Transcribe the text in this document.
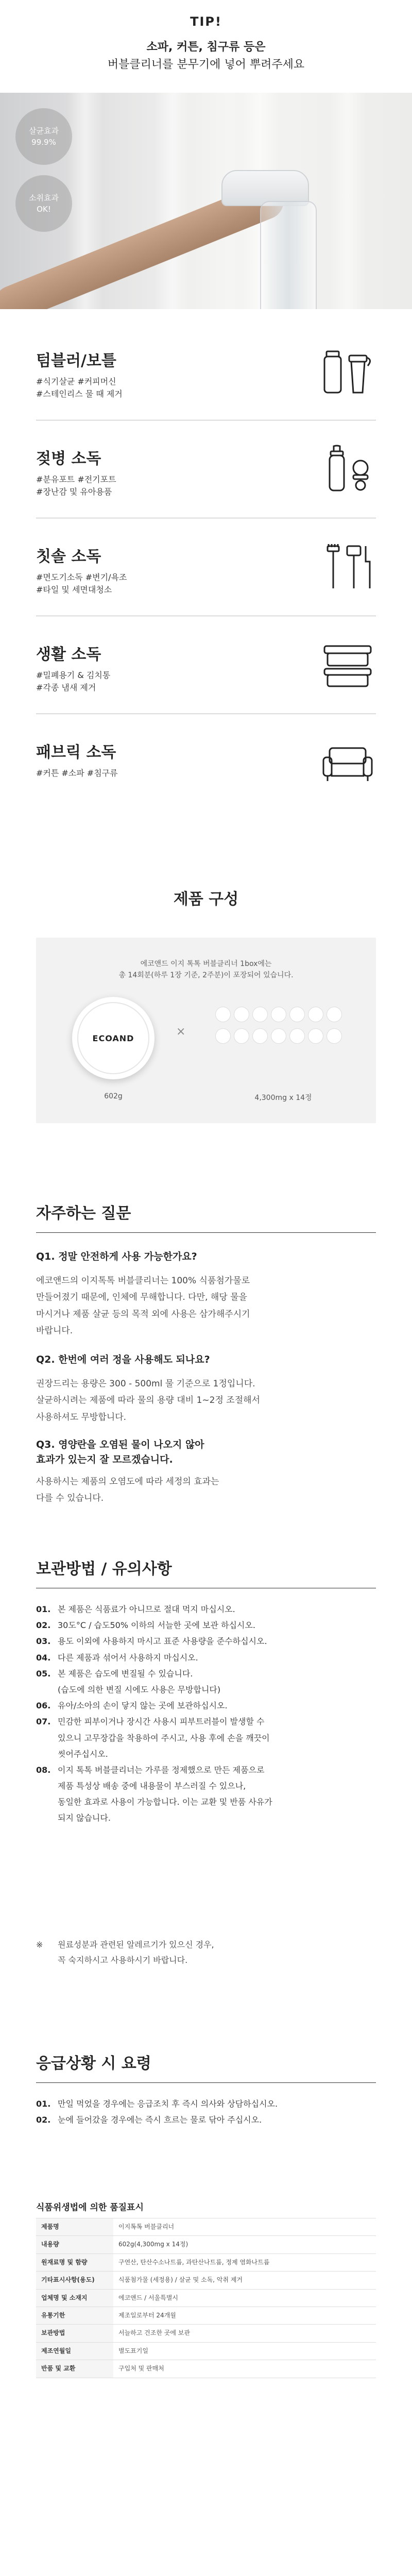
TIP!
소파, 커튼, 침구류 등은
버블클리너를 분무기에 넣어 뿌려주세요
살균효과
99.9%
소취효과
OK!
텀블러/보틀
#식기살균 #커피머신
#스테인리스 물 때 제거
젖병 소독
#분유포트 #전기포트
#장난감 및 유아용품
칫솔 소독
#면도기소독 #변기/욕조
#타일 및 세면대청소
생활 소독
#밀폐용기 & 김치통
#각종 냄새 제거
패브릭 소독
#커튼 #소파 #침구류
제품 구성
에코앤드 이지 톡톡 버블클리너 1box에는
총 14회분(하루 1장 기준, 2주분)이 포장되어 있습니다.
ECOAND	×
602g	4,300mg x 14정
자주하는 질문
Q1. 정말 안전하게 사용 가능한가요?
에코앤드의 이지톡톡 버블클리너는 100% 식품첨가물로
만들어졌기 때문에, 인체에 무해합니다. 다만, 해당 물을
마시거나 제품 살균 등의 목적 외에 사용은 삼가해주시기
바랍니다.
Q2. 한번에 여러 정을 사용해도 되나요?
권장드리는 용량은 300 - 500ml 물 기준으로 1정입니다.
살균하시려는 제품에 따라 물의 용량 대비 1~2정 조절해서
사용하셔도 무방합니다.
Q3. 영양란을 오염된 물이 나오지 않아
효과가 있는지 잘 모르겠습니다.
사용하시는 제품의 오염도에 따라 세정의 효과는
다를 수 있습니다.
보관방법 / 유의사항
01. 본 제품은 식품료가 아니므로 절대 먹지 마십시오.
02. 30도°C / 습도50% 이하의 서늘한 곳에 보관 하십시오.
03. 용도 이외에 사용하지 마시고 표준 사용량을 준수하십시오.
04. 다른 제품과 섞어서 사용하지 마십시오.
05. 본 제품은 습도에 변질될 수 있습니다.
(습도에 의한 변질 시에도 사용은 무방합니다)
06. 유아/소아의 손이 닿지 않는 곳에 보관하십시오.
07. 민감한 피부이거나 장시간 사용시 피부트러블이 발생할 수
있으니 고무장갑을 착용하여 주시고, 사용 후에 손을 깨끗이
씻어주십시오.
08. 이지 톡톡 버블클리너는 가루를 정제했으로 만든 제품으로
제품 특성상 배송 중에 내용물이 부스러질 수 있으나,
동일한 효과로 사용이 가능합니다. 이는 교환 및 반품 사유가
되지 않습니다.
※	원료성분과 관련된 알레르기가 있으신 경우,
꼭 숙지하시고 사용하시기 바랍니다.
응급상황 시 요령
01. 만일 먹었을 경우에는 응급조치 후 즉시 의사와 상담하십시오.
02. 눈에 들어갔을 경우에는 즉시 흐르는 물로 닦아 주십시오.
식품위생법에 의한 품질표시
제품명	이지톡톡 버블클리너
내용량	602g(4,300mg x 14정)
원재료명 및 함량	구연산, 탄산수소나트륨, 과탄산나트륨, 정제 염화나트륨
기타표시사항(용도)	식품첨가물 (세정용) / 살균 및 소독, 악취 제거
업체명 및 소재지	에코앤드 / 서울특별시
유통기한	제조일로부터 24개월
보관방법	서늘하고 건조한 곳에 보관
제조연월일	별도표기일
반품 및 교환	구입처 및 판매처
